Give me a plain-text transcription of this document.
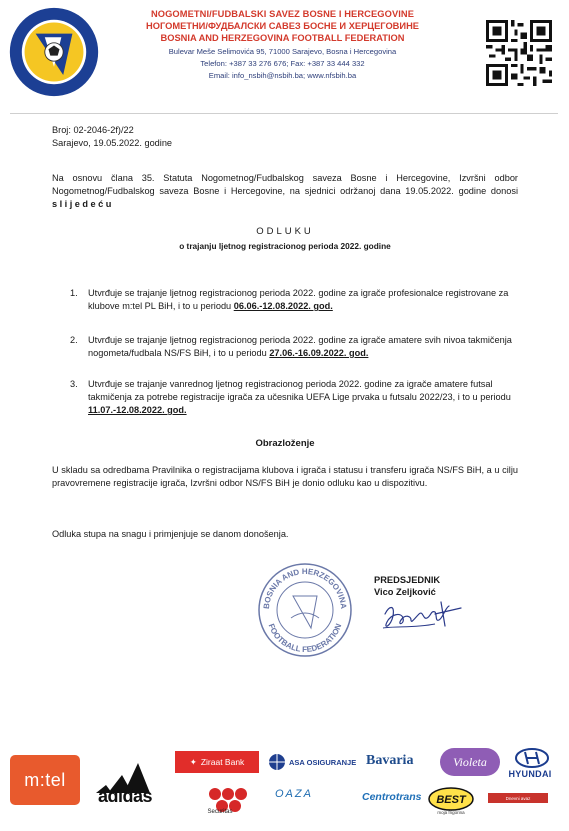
NOGOMETNI/FUDBALSKI SAVEZ BOSNE I HERCEGOVINE
НОГОМЕТНИ/ФУДБАЛСКИ САВЕЗ БОСНЕ И ХЕРЦЕГОВИНЕ
BOSNIA AND HERZEGOVINA FOOTBALL FEDERATION
Bulevar Meše Selimovića 95, 71000 Sarajevo, Bosna i Hercegovina
Telefon: +387 33 276 676; Fax: +387 33 444 332
Email: info_nsbih@nsbih.ba; www.nfsbih.ba
Broj: 02-2046-2f)/22
Sarajevo, 19.05.2022. godine
Na osnovu člana 35. Statuta Nogometnog/Fudbalskog saveza Bosne i Hercegovine, Izvršni odbor Nogometnog/Fudbalskog saveza Bosne i Hercegovine, na sjednici održanoj dana 19.05.2022. godine donosi slijedeću
ODLUKU
o trajanju ljetnog registracionog perioda 2022. godine
1. Utvrđuje se trajanje ljetnog registracionog perioda 2022. godine za igrače profesionalce registrovane za klubove m:tel PL BiH, i to u periodu 06.06.-12.08.2022. god.
2. Utvrđuje se trajanje ljetnog registracionog perioda 2022. godine za igrače amatere svih nivoa takmičenja nogometa/fudbala NS/FS BiH, i to u periodu 27.06.-16.09.2022. god.
3. Utvrđuje se trajanje vanrednog ljetnog registracionog perioda 2022. godine za igrače amatere futsal takmičenja za potrebe registracije igrača za učesnika UEFA Lige prvaka u futsalu 2022/23, i to u periodu 11.07.-12.08.2022. god.
Obrazloženje
U skladu sa odredbama Pravilnika o registracijama klubova i igrača i statusu i transferu igrača NS/FS BiH, a u cilju pravovremene registracije igrača, Izvršni odbor NS/FS BiH je donio odluku kao u dispozitivu.
Odluka stupa na snagu i primjenjuje se danom donošenja.
BOSNIA AND HERZEGOVINA
FOOTBALL FEDERATION
PREDSJEDNIK
Vico Zeljković
m:tel
adidas
✦ Ziraat Bank
Securitas
ASA OSIGURANJE
OAZA
Bavaria
Centrotrans
Violeta
BEST
moja frigorina
HYUNDAI
Dnevni avaz
